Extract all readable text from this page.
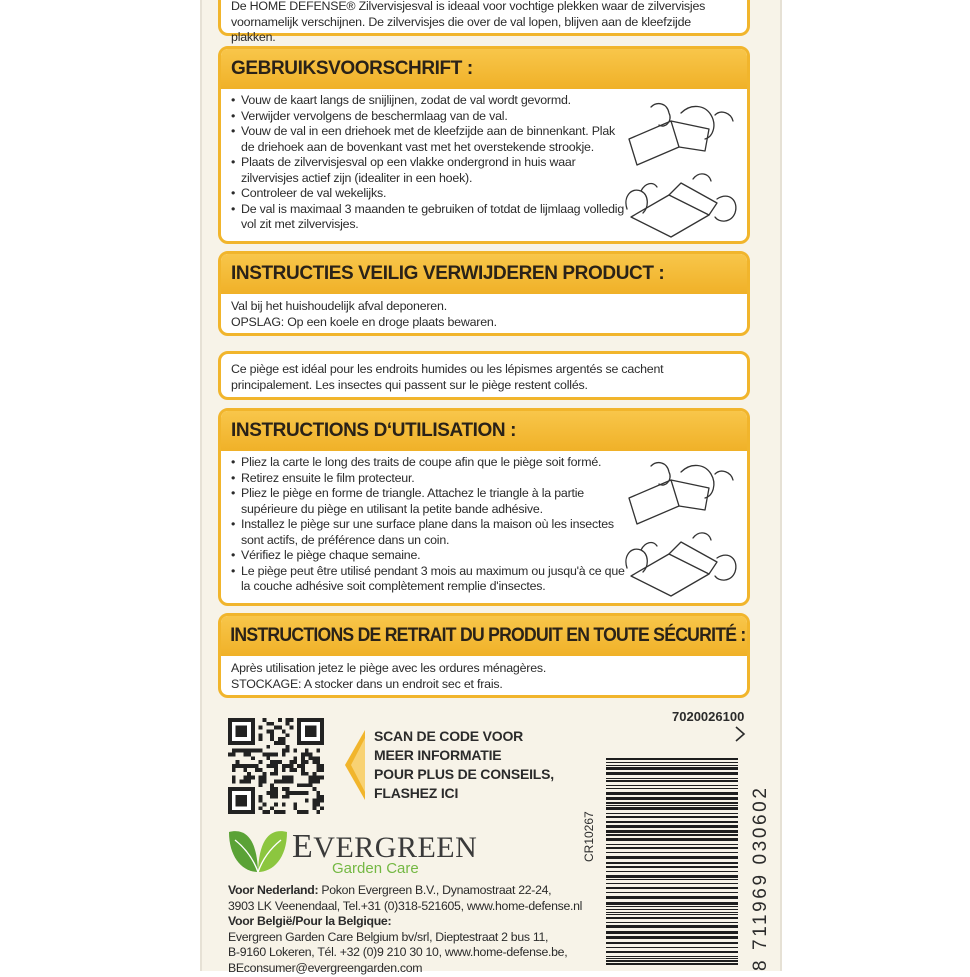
De HOME DEFENSE® Zilvervisjesval is ideaal voor vochtige plekken waar de zilvervisjes
voornamelijk verschijnen. De zilvervisjes die over de val lopen, blijven aan de kleefzijde plakken.
GEBRUIKSVOORSCHRIFT :
• Vouw de kaart langs de snijlijnen, zodat de val wordt gevormd.
• Verwijder vervolgens de beschermlaag van de val.
• Vouw de val in een driehoek met de kleefzijde aan de binnenkant. Plak de driehoek aan de bovenkant vast met het overstekende strookje.
• Plaats de zilvervisjesval op een vlakke ondergrond in huis waar zilvervisjes actief zijn (idealiter in een hoek).
• Controleer de val wekelijks.
• De val is maximaal 3 maanden te gebruiken of totdat de lijmlaag volledig vol zit met zilvervisjes.
INSTRUCTIES VEILIG VERWIJDEREN PRODUCT :
Val bij het huishoudelijk afval deponeren.
OPSLAG: Op een koele en droge plaats bewaren.
Ce piège est idéal pour les endroits humides ou les lépismes argentés se cachent
principalement. Les insectes qui passent sur le piège restent collés.
INSTRUCTIONS D‘UTILISATION :
• Pliez la carte le long des traits de coupe afin que le piège soit formé.
• Retirez ensuite le film protecteur.
• Pliez le piège en forme de triangle. Attachez le triangle à la partie supérieure du piège en utilisant la petite bande adhésive.
• Installez le piège sur une surface plane dans la maison où les insectes sont actifs, de préférence dans un coin.
• Vérifiez le piège chaque semaine.
• Le piège peut être utilisé pendant 3 mois au maximum ou jusqu'à ce que la couche adhésive soit complètement remplie d'insectes.
INSTRUCTIONS DE RETRAIT DU PRODUIT EN TOUTE SÉCURITÉ :
Après utilisation jetez le piège avec les ordures ménagères.
STOCKAGE: A stocker dans un endroit sec et frais.
SCAN DE CODE VOOR
MEER INFORMATIE
POUR PLUS DE CONSEILS,
FLASHEZ ICI
7020026100
8 711969 030602
CR10267
EVERGREEN
Garden Care
Voor Nederland: Pokon Evergreen B.V., Dynamostraat 22-24,
3903 LK Veenendaal, Tel.+31 (0)318-521605, www.home-defense.nl
Voor België/Pour la Belgique:
Evergreen Garden Care Belgium bv/srl, Dieptestraat 2 bus 11,
B-9160 Lokeren, Tél. +32 (0)9 210 30 10, www.home-defense.be,
BEconsumer@evergreengarden.com
